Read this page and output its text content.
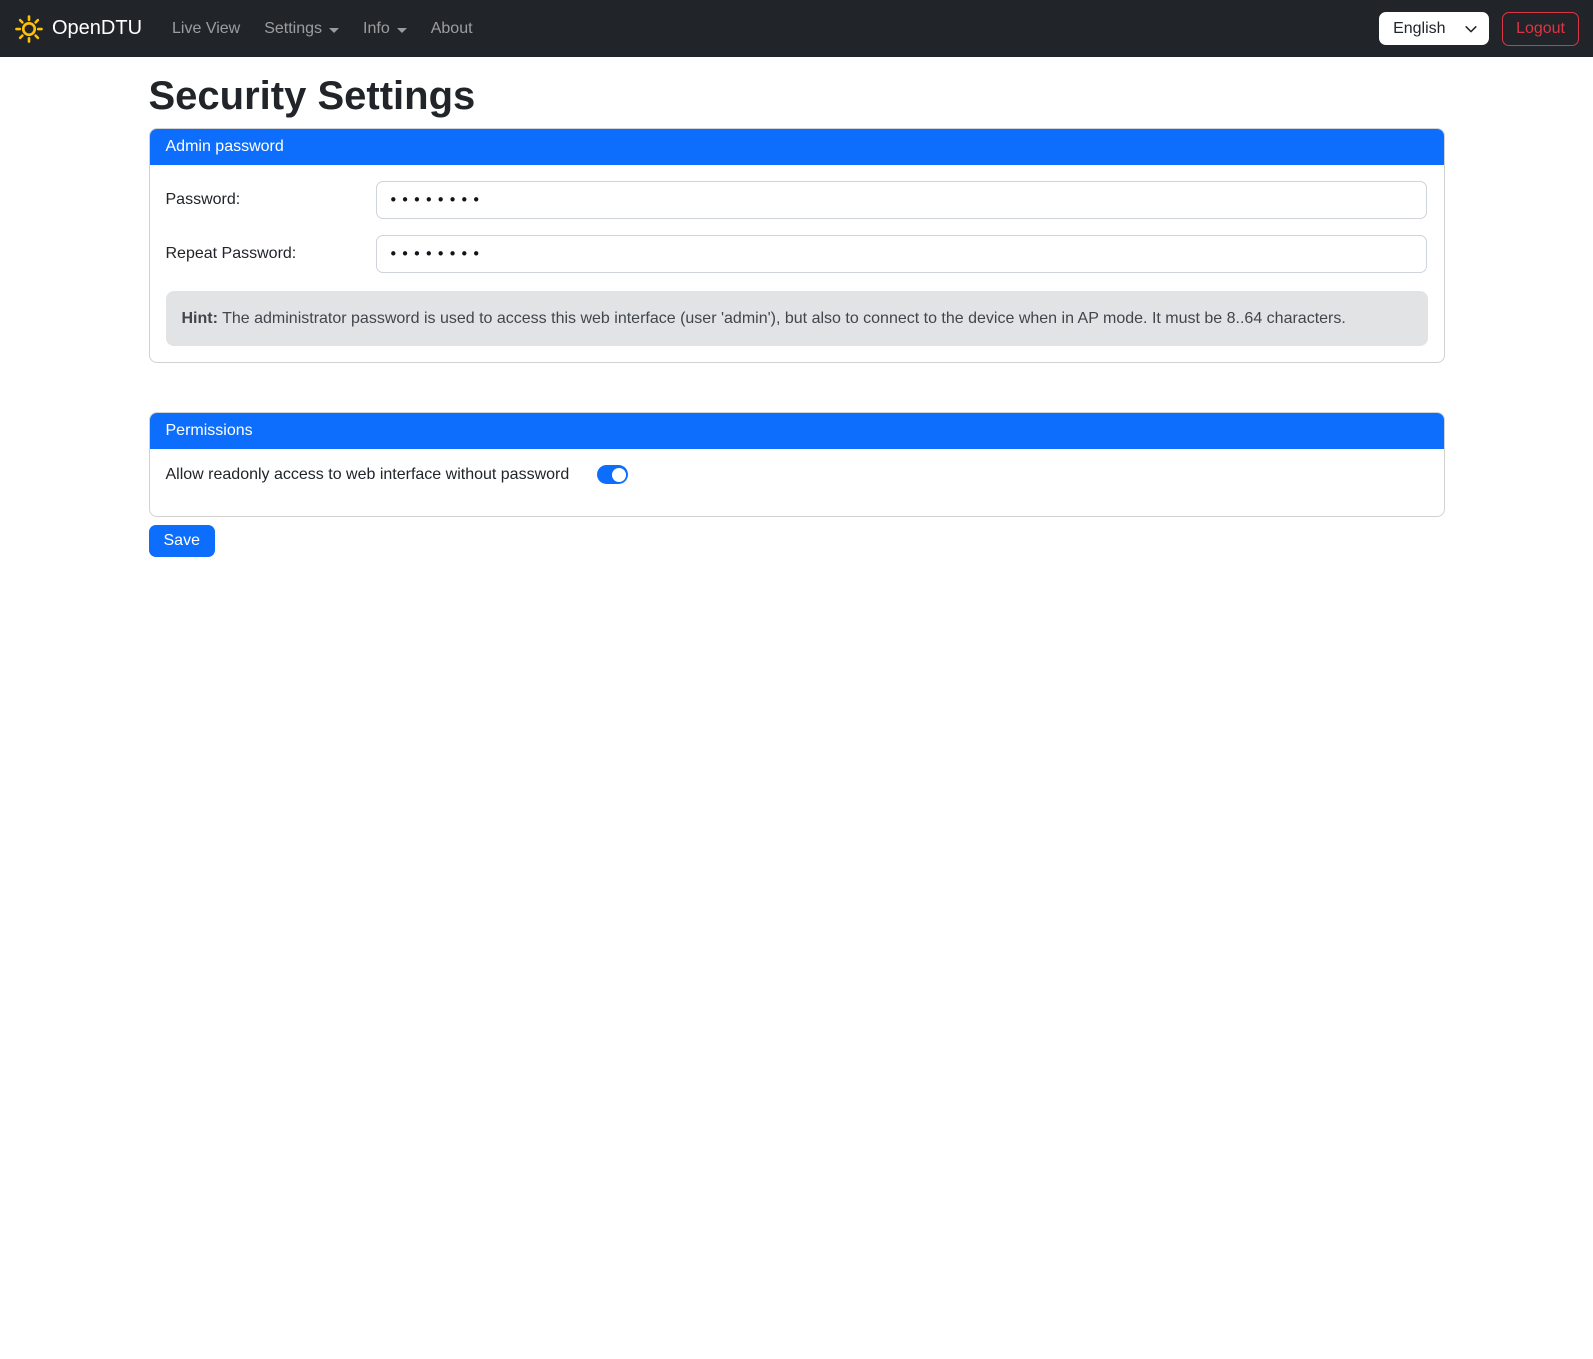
OpenDTU Live View Settings	Info	About
English	Logout
Security Settings
Admin password
Password:
••••••••
Repeat Password:
••••••••
Hint: The administrator password is used to access this web interface (user 'admin'), but also to connect to the device when in AP mode. It must be 8..64 characters.
Permissions
Allow readonly access to web interface without password
Save
